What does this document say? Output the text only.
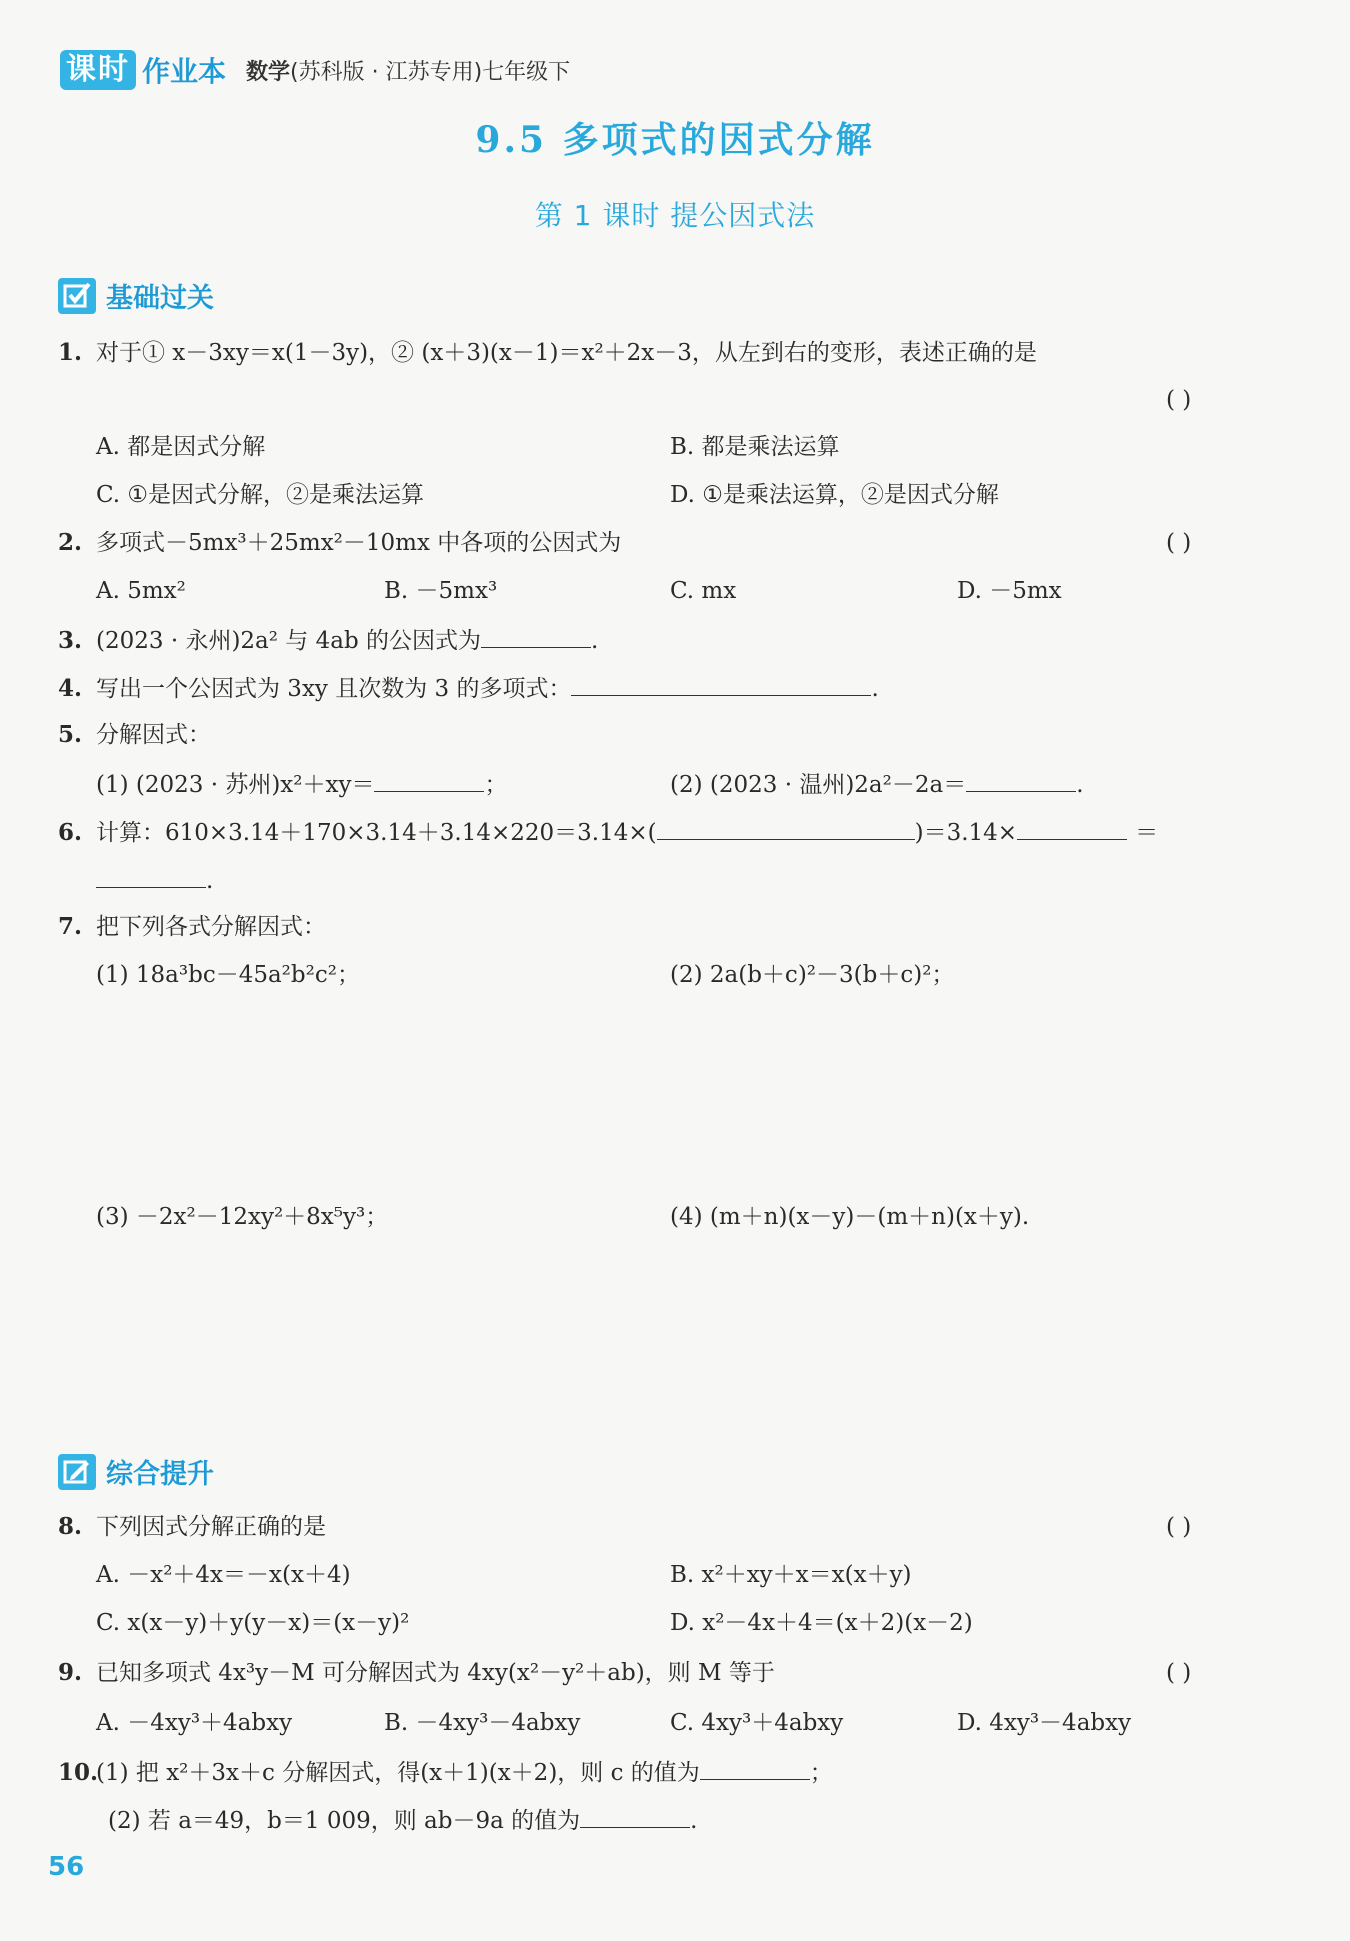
课时 作业本 数学(苏科版 · 江苏专用)七年级下
9.5 多项式的因式分解
第 1 课时 提公因式法
基础过关
1. 对于① x－3xy＝x(1－3y)，② (x＋3)(x－1)＝x²＋2x－3，从左到右的变形，表述正确的是
( )
A. 都是因式分解	B. 都是乘法运算
C. ①是因式分解，②是乘法运算	D. ①是乘法运算，②是因式分解
2. 多项式－5mx³＋25mx²－10mx 中各项的公因式为	( )
A. 5mx²	B. －5mx³	C. mx	D. －5mx
3. (2023 · 永州)2a² 与 4ab 的公因式为	.
4. 写出一个公因式为 3xy 且次数为 3 的多项式：	.
5. 分解因式：
(1) (2023 · 苏州)x²＋xy＝	；	(2) (2023 · 温州)2a²－2a＝	.
6. 计算：610×3.14＋170×3.14＋3.14×220＝3.14×(	)＝3.14×	＝
.
7. 把下列各式分解因式：
(1) 18a³bc－45a²b²c²；	(2) 2a(b＋c)²－3(b＋c)²；
(3) －2x²－12xy²＋8x⁵y³；	(4) (m＋n)(x－y)－(m＋n)(x＋y).
综合提升
8. 下列因式分解正确的是	( )
A. －x²＋4x＝－x(x＋4)	B. x²＋xy＋x＝x(x＋y)
C. x(x－y)＋y(y－x)＝(x－y)²	D. x²－4x＋4＝(x＋2)(x－2)
9. 已知多项式 4x³y－M 可分解因式为 4xy(x²－y²＋ab)，则 M 等于	( )
A. －4xy³＋4abxy	B. －4xy³－4abxy	C. 4xy³＋4abxy	D. 4xy³－4abxy
10.(1) 把 x²＋3x＋c 分解因式，得(x＋1)(x＋2)，则 c 的值为	；
(2) 若 a＝49，b＝1 009，则 ab－9a 的值为	.
56
